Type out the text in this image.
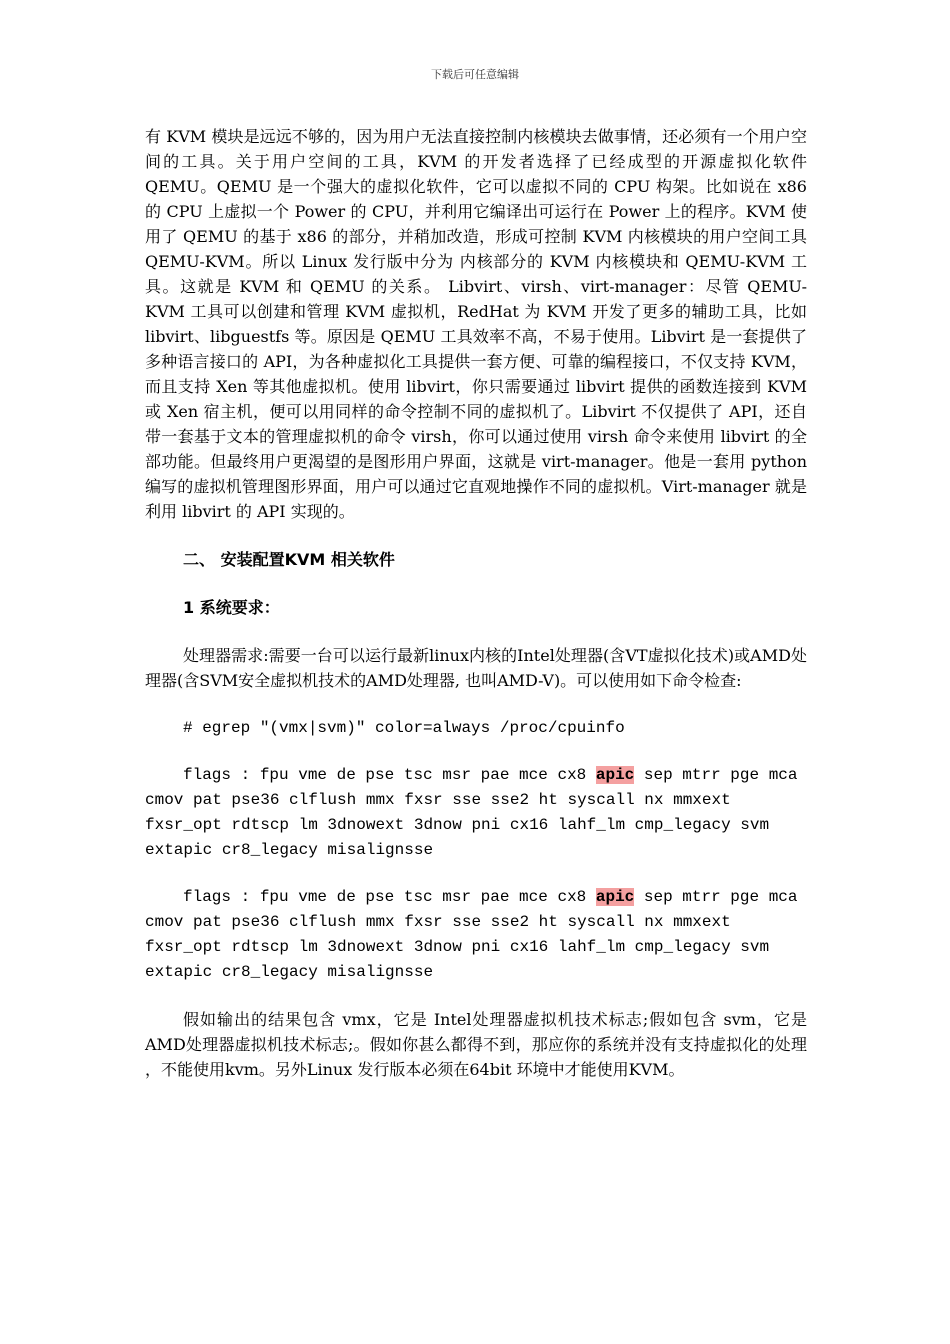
下载后可任意编辑

有 KVM 模块是远远不够的，因为用户无法直接控制内核模块去做事情，还必须有一个用户空间的工具。关于用户空间的工具，KVM 的开发者选择了已经成型的开源虚拟化软件 QEMU。QEMU 是一个强大的虚拟化软件，它可以虚拟不同的 CPU 构架。比如说在 x86 的 CPU 上虚拟一个 Power 的 CPU，并利用它编译出可运行在 Power 上的程序。KVM 使用了 QEMU 的基于 x86 的部分，并稍加改造，形成可控制 KVM 内核模块的用户空间工具 QEMU-KVM。所以 Linux 发行版中分为 内核部分的 KVM 内核模块和 QEMU-KVM 工具。这就是 KVM 和 QEMU 的关系。 Libvirt、virsh、virt-manager：尽管 QEMU-KVM 工具可以创建和管理 KVM 虚拟机，RedHat 为 KVM 开发了更多的辅助工具，比如 libvirt、libguestfs 等。原因是 QEMU 工具效率不高，不易于使用。Libvirt 是一套提供了多种语言接口的 API，为各种虚拟化工具提供一套方便、可靠的编程接口，不仅支持 KVM，而且支持 Xen 等其他虚拟机。使用 libvirt，你只需要通过 libvirt 提供的函数连接到 KVM 或 Xen 宿主机，便可以用同样的命令控制不同的虚拟机了。Libvirt 不仅提供了 API，还自带一套基于文本的管理虚拟机的命令 virsh，你可以通过使用 virsh 命令来使用 libvirt 的全部功能。但最终用户更渴望的是图形用户界面，这就是 virt-manager。他是一套用 python 编写的虚拟机管理图形界面，用户可以通过它直观地操作不同的虚拟机。Virt-manager 就是利用 libvirt 的 API 实现的。

二、 安装配置KVM 相关软件

1 系统要求：

处理器需求:需要一台可以运行最新linux内核的Intel处理器(含VT虚拟化技术)或AMD处理器(含SVM安全虚拟机技术的AMD处理器, 也叫AMD-V)。可以使用如下命令检查:

# egrep "(vmx|svm)" color=always /proc/cpuinfo

flags : fpu vme de pse tsc msr pae mce cx8 apic sep mtrr pge mca cmov pat pse36 clflush mmx fxsr sse sse2 ht syscall nx mmxext fxsr_opt rdtscp lm 3dnowext 3dnow pni cx16 lahf_lm cmp_legacy svm extapic cr8_legacy misalignsse

flags : fpu vme de pse tsc msr pae mce cx8 apic sep mtrr pge mca cmov pat pse36 clflush mmx fxsr sse sse2 ht syscall nx mmxext fxsr_opt rdtscp lm 3dnowext 3dnow pni cx16 lahf_lm cmp_legacy svm extapic cr8_legacy misalignsse

假如输出的结果包含 vmx，它是 Intel处理器虚拟机技术标志;假如包含 svm，它是 AMD处理器虚拟机技术标志;。假如你甚么都得不到，那应你的系统并没有支持虚拟化的处理 ，不能使用kvm。另外Linux 发行版本必须在64bit 环境中才能使用KVM。
